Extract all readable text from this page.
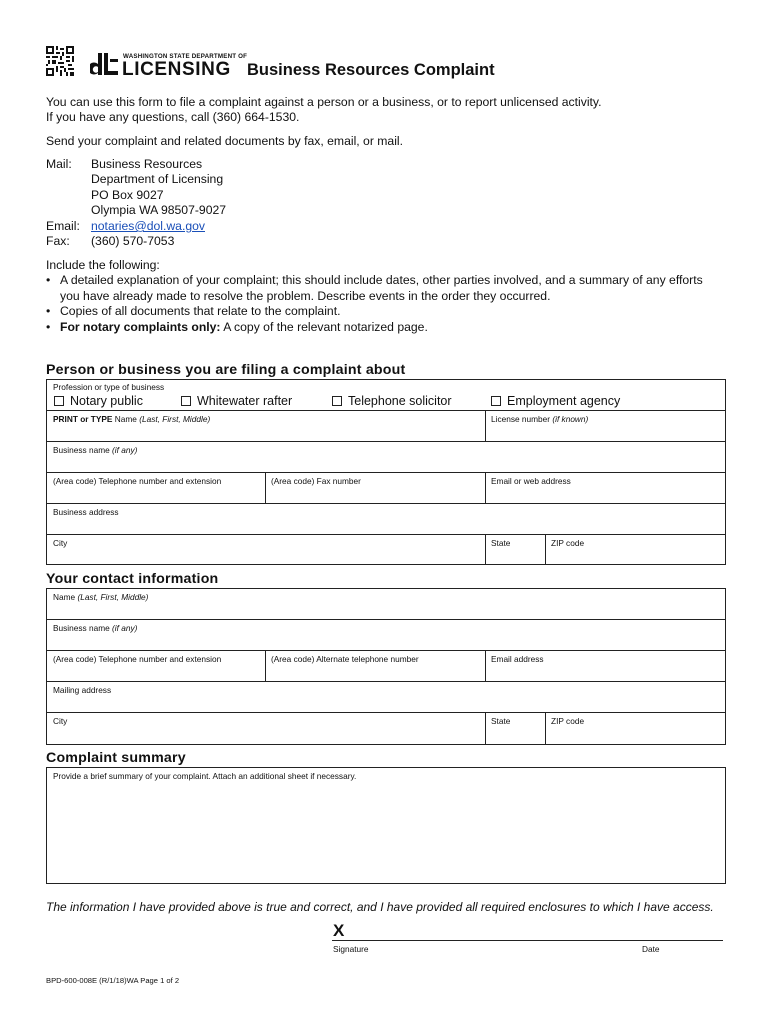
WASHINGTON STATE DEPARTMENT OF
LICENSING Business Resources Complaint
You can use this form to file a complaint against a person or a business, or to report unlicensed activity.
If you have any questions, call (360) 664-1530.
Send your complaint and related documents by fax, email, or mail.
Mail: Business Resources
Department of Licensing
PO Box 9027
Olympia WA 98507-9027
Email: notaries@dol.wa.gov
Fax: (360) 570-7053
Include the following:
• A detailed explanation of your complaint; this should include dates, other parties involved, and a summary of any efforts
you have already made to resolve the problem. Describe events in the order they occurred.
• Copies of all documents that relate to the complaint.
• For notary complaints only: A copy of the relevant notarized page.
Person or business you are filing a complaint about
Profession or type of business
Notary public	Whitewater rafter	Telephone solicitor	Employment agency
PRINT or TYPE Name (Last, First, Middle)	License number (if known)
Business name (if any)
(Area code) Telephone number and extension	(Area code) Fax number	Email or web address
Business address
City	State	ZIP code
Your contact information
Name (Last, First, Middle)
Business name (if any)
(Area code) Telephone number and extension	(Area code) Alternate telephone number	Email address
Mailing address
City	State	ZIP code
Complaint summary
Provide a brief summary of your complaint. Attach an additional sheet if necessary.
The information I have provided above is true and correct, and I have provided all required enclosures to which I have access.
X
Signature	Date
BPD-600-008E (R/1/18)WA Page 1 of 2
